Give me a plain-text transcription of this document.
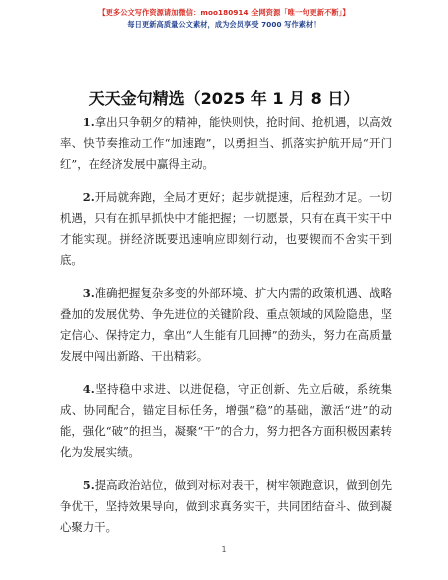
【更多公文写作资源请加微信：moo180914 全网资源「唯一句更新不断」】
每日更新高质量公文素材，成为会员享受 7000 写作素材！
天天金句精选（2025 年 1 月 8 日）

1.拿出只争朝夕的精神，能快则快，抢时间、抢机遇，以高效率、快节奏推动工作“加速跑”，以勇担当、抓落实护航开局“开门红”，在经济发展中赢得主动。

2.开局就奔跑，全局才更好；起步就提速，后程劲才足。一切机遇，只有在抓早抓快中才能把握；一切愿景，只有在真干实干中才能实现。拼经济既要迅速响应即刻行动，也要锲而不舍实干到底。

3.准确把握复杂多变的外部环境、扩大内需的政策机遇、战略叠加的发展优势、争先进位的关键阶段、重点领域的风险隐患，坚定信心、保持定力，拿出“人生能有几回搏”的劲头，努力在高质量发展中闯出新路、干出精彩。

4.坚持稳中求进、以进促稳，守正创新、先立后破，系统集成、协同配合，锚定目标任务，增强“稳”的基础，激活“进”的动能，强化“破”的担当，凝聚“干”的合力，努力把各方面积极因素转化为发展实绩。

5.提高政治站位，做到对标对表干，树牢领跑意识，做到创先争优干，坚持效果导向，做到求真务实干，共同团结奋斗、做到凝心聚力干。

1
